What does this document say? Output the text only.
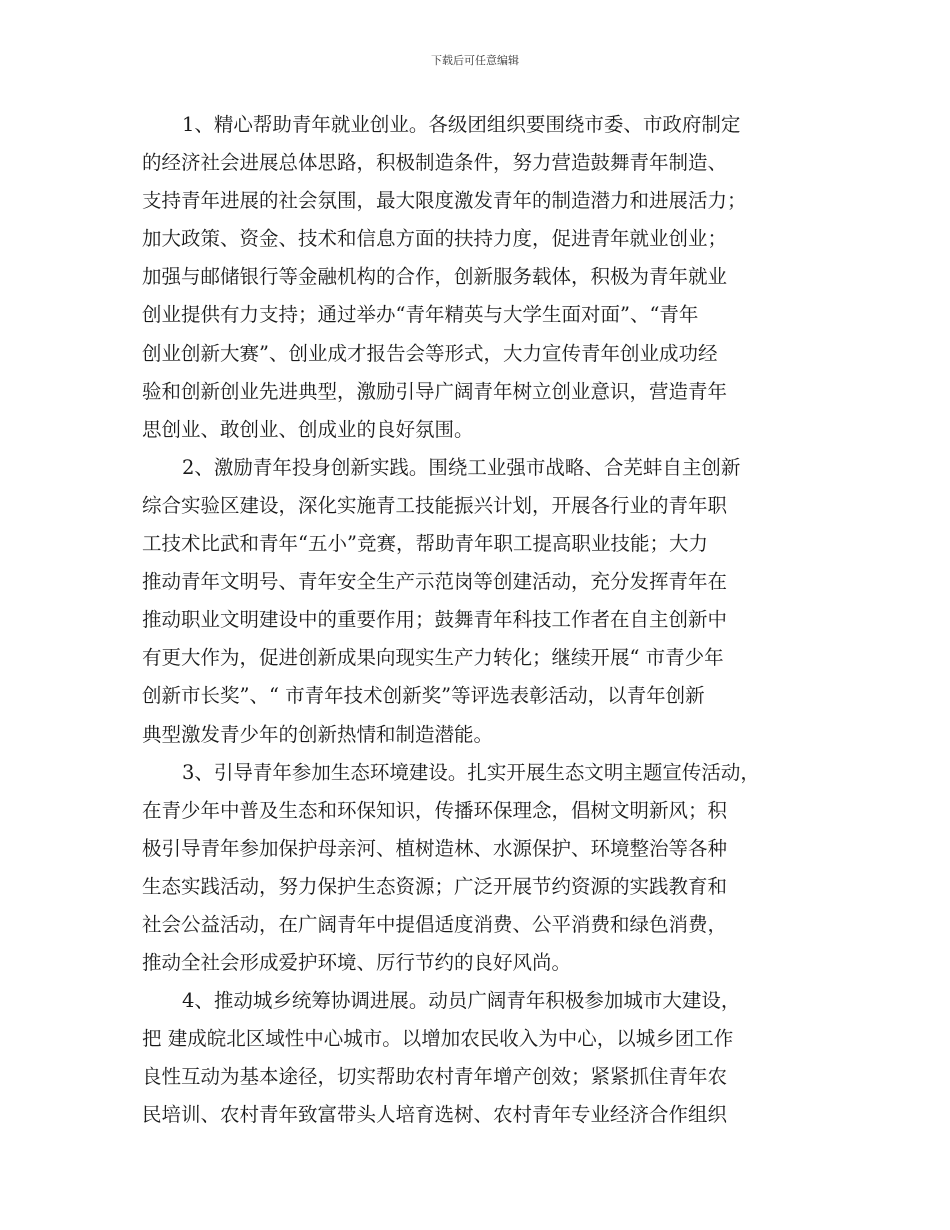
下载后可任意编辑
1、精心帮助青年就业创业。各级团组织要围绕市委、市政府制定
的经济社会进展总体思路，积极制造条件，努力营造鼓舞青年制造、
支持青年进展的社会氛围，最大限度激发青年的制造潜力和进展活力；
加大政策、资金、技术和信息方面的扶持力度，促进青年就业创业；
加强与邮储银行等金融机构的合作，创新服务载体，积极为青年就业
创业提供有力支持；通过举办“青年精英与大学生面对面”、“青年
创业创新大赛”、创业成才报告会等形式，大力宣传青年创业成功经
验和创新创业先进典型，激励引导广阔青年树立创业意识，营造青年
思创业、敢创业、创成业的良好氛围。
2、激励青年投身创新实践。围绕工业强市战略、合芜蚌自主创新
综合实验区建设，深化实施青工技能振兴计划，开展各行业的青年职
工技术比武和青年“五小”竞赛，帮助青年职工提高职业技能；大力
推动青年文明号、青年安全生产示范岗等创建活动，充分发挥青年在
推动职业文明建设中的重要作用；鼓舞青年科技工作者在自主创新中
有更大作为，促进创新成果向现实生产力转化；继续开展“ 市青少年
创新市长奖”、“ 市青年技术创新奖”等评选表彰活动，以青年创新
典型激发青少年的创新热情和制造潜能。
3、引导青年参加生态环境建设。扎实开展生态文明主题宣传活动，
在青少年中普及生态和环保知识，传播环保理念，倡树文明新风；积
极引导青年参加保护母亲河、植树造林、水源保护、环境整治等各种
生态实践活动，努力保护生态资源；广泛开展节约资源的实践教育和
社会公益活动，在广阔青年中提倡适度消费、公平消费和绿色消费，
推动全社会形成爱护环境、厉行节约的良好风尚。
4、推动城乡统筹协调进展。动员广阔青年积极参加城市大建设，
把 建成皖北区域性中心城市。以增加农民收入为中心，以城乡团工作
良性互动为基本途径，切实帮助农村青年增产创效；紧紧抓住青年农
民培训、农村青年致富带头人培育选树、农村青年专业经济合作组织
